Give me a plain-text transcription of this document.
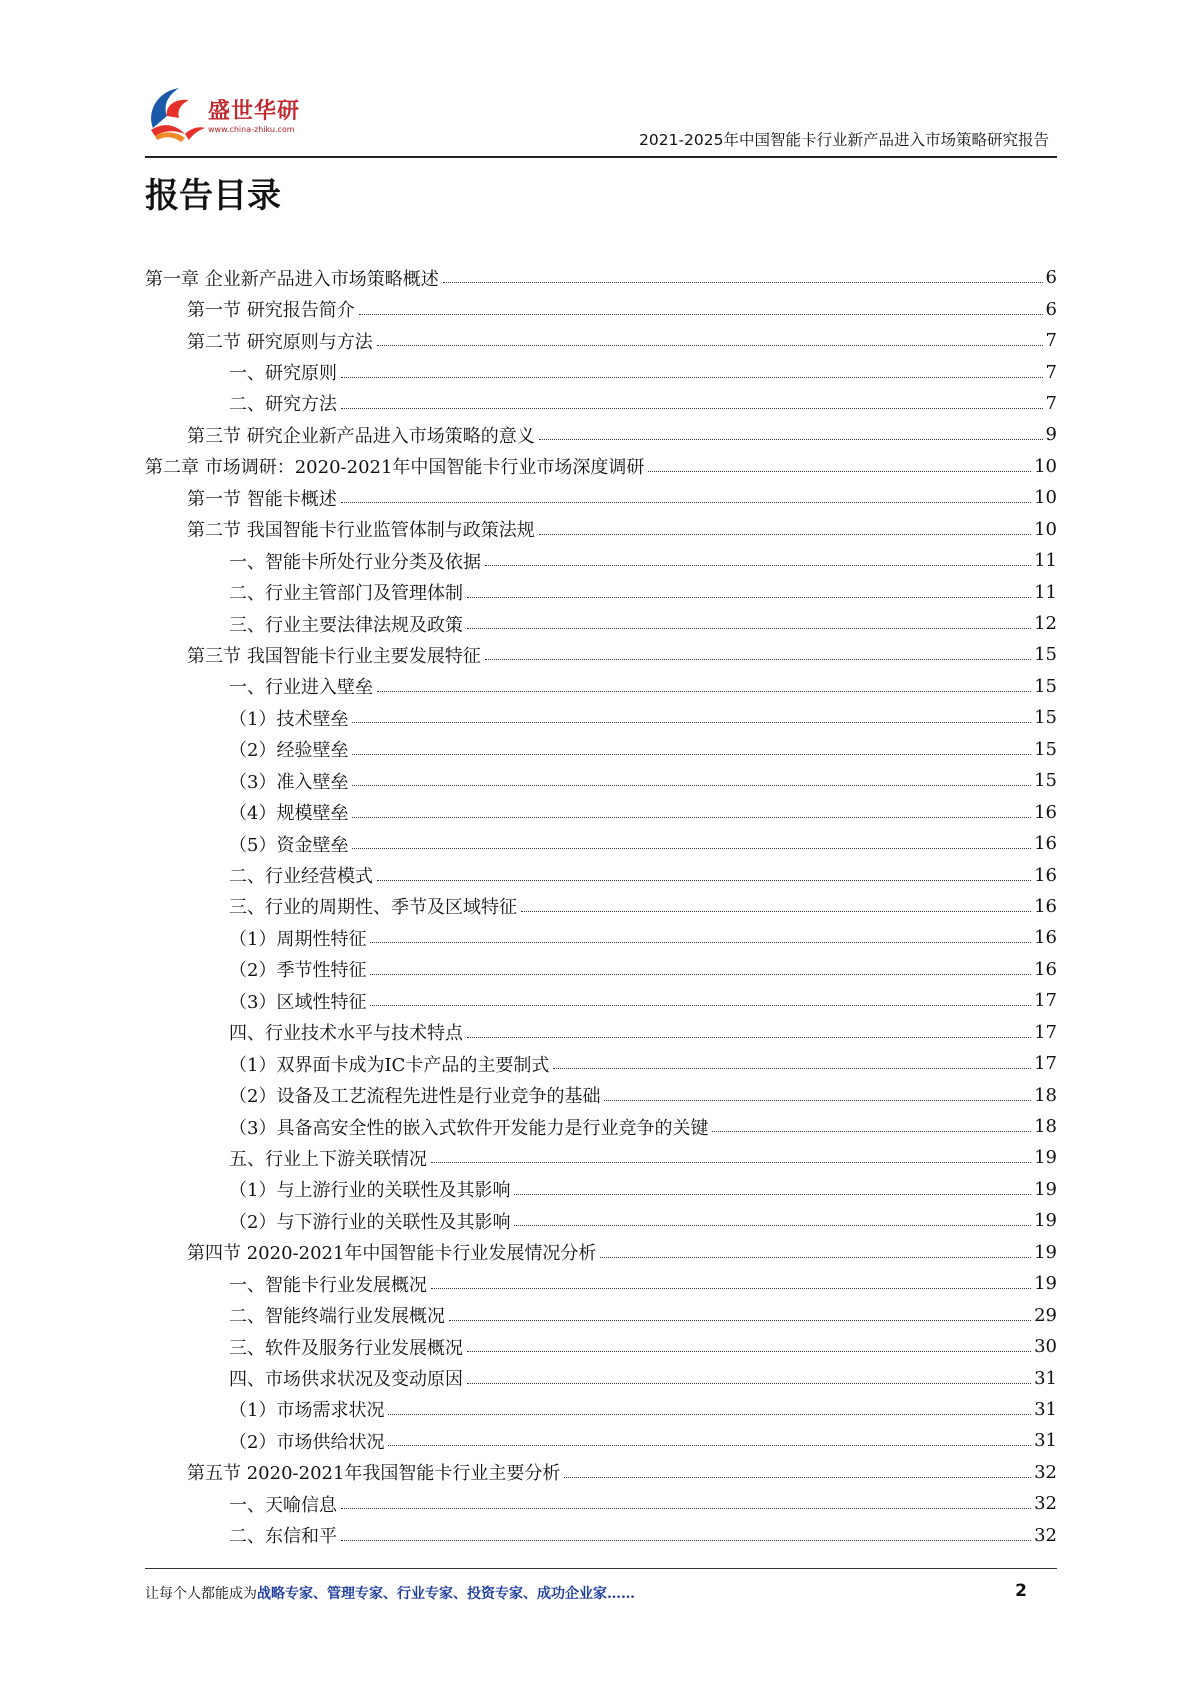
盛世华研
www.china-zhiku.com
2021-2025年中国智能卡行业新产品进入市场策略研究报告
报告目录
第一章 企业新产品进入市场策略概述	6
第一节 研究报告简介	6
第二节 研究原则与方法	7
一、研究原则	7
二、研究方法	7
第三节 研究企业新产品进入市场策略的意义	9
第二章 市场调研：2020-2021年中国智能卡行业市场深度调研	10
第一节 智能卡概述	10
第二节 我国智能卡行业监管体制与政策法规	10
一、智能卡所处行业分类及依据	11
二、行业主管部门及管理体制	11
三、行业主要法律法规及政策	12
第三节 我国智能卡行业主要发展特征	15
一、行业进入壁垒	15
（1）技术壁垒	15
（2）经验壁垒	15
（3）准入壁垒	15
（4）规模壁垒	16
（5）资金壁垒	16
二、行业经营模式	16
三、行业的周期性、季节及区域特征	16
（1）周期性特征	16
（2）季节性特征	16
（3）区域性特征	17
四、行业技术水平与技术特点	17
（1）双界面卡成为IC卡产品的主要制式	17
（2）设备及工艺流程先进性是行业竞争的基础	18
（3）具备高安全性的嵌入式软件开发能力是行业竞争的关键	18
五、行业上下游关联情况	19
（1）与上游行业的关联性及其影响	19
（2）与下游行业的关联性及其影响	19
第四节 2020-2021年中国智能卡行业发展情况分析	19
一、智能卡行业发展概况	19
二、智能终端行业发展概况	29
三、软件及服务行业发展概况	30
四、市场供求状况及变动原因	31
（1）市场需求状况	31
（2）市场供给状况	31
第五节 2020-2021年我国智能卡行业主要分析	32
一、天喻信息	32
二、东信和平	32
让每个人都能成为战略专家、管理专家、行业专家、投资专家、成功企业家……	2
